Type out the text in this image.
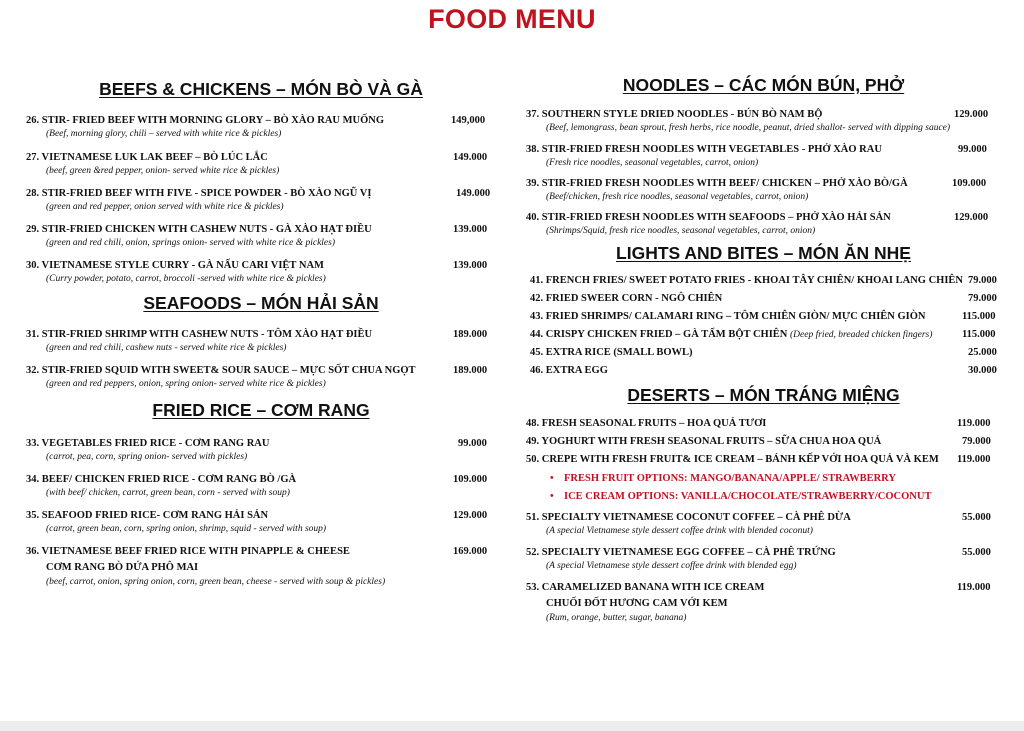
FOOD MENU
BEEFS & CHICKENS – MÓN BÒ VÀ GÀ
26. STIR- FRIED BEEF WITH MORNING GLORY – BÒ XÀO RAU MUỐNG	149,000
(Beef, morning glory, chili – served with white rice & pickles)
27. VIETNAMESE LUK LAK BEEF – BÒ LÚC LẮC	149.000
(beef, green &red pepper, onion- served white rice & pickles)
28. STIR-FRIED BEEF WITH FIVE - SPICE POWDER - BÒ XÀO NGŨ VỊ	149.000
(green and red pepper, onion served with white rice & pickles)
29. STIR-FRIED CHICKEN WITH CASHEW NUTS - GÀ XÀO HẠT ĐIỀU	139.000
(green and red chili, onion, springs onion- served with white rice & pickles)
30. VIETNAMESE STYLE CURRY - GÀ NẤU CARI VIỆT NAM	139.000
(Curry powder, potato, carrot, broccoli -served with white rice & pickles)
SEAFOODS – MÓN HẢI SẢN
31. STIR-FRIED SHRIMP WITH CASHEW NUTS - TÔM XÀO HẠT ĐIỀU	189.000
(green and red chili, cashew nuts - served white rice & pickles)
32. STIR-FRIED SQUID WITH SWEET& SOUR SAUCE – MỰC SỐT CHUA NGỌT	189.000
(green and red peppers, onion, spring onion- served white rice & pickles)
FRIED RICE – CƠM RANG
33. VEGETABLES FRIED RICE - CƠM RANG RAU	99.000
(carrot, pea, corn, spring onion- served with pickles)
34. BEEF/ CHICKEN FRIED RICE - CƠM RANG BÒ /GÀ	109.000
(with beef/ chicken, carrot, green bean, corn - served with soup)
35. SEAFOOD FRIED RICE- CƠM RANG HẢI SẢN	129.000
(carrot, green bean, corn, spring onion, shrimp, squid - served with soup)
36. VIETNAMESE BEEF FRIED RICE WITH PINAPPLE & CHEESE	169.000
CƠM RANG BÒ DỨA PHÔ MAI
(beef, carrot, onion, spring onion, corn, green bean, cheese - served with soup & pickles)
NOODLES – CÁC MÓN BÚN, PHỞ
37. SOUTHERN STYLE DRIED NOODLES - BÚN BÒ NAM BỘ	129.000
(Beef, lemongrass, bean sprout, fresh herbs, rice noodle, peanut, dried shallot- served with dipping sauce)
38. STIR-FRIED FRESH NOODLES WITH VEGETABLES - PHỞ XÀO RAU	99.000
(Fresh rice noodles, seasonal vegetables, carrot, onion)
39. STIR-FRIED FRESH NOODLES WITH BEEF/ CHICKEN – PHỞ XÀO BÒ/GÀ	109.000
(Beef/chicken, fresh rice noodles, seasonal vegetables, carrot, onion)
40. STIR-FRIED FRESH NOODLES WITH SEAFOODS – PHỞ XÀO HẢI SẢN	129.000
(Shrimps/Squid, fresh rice noodles, seasonal vegetables, carrot, onion)
LIGHTS AND BITES – MÓN ĂN NHẸ
41. FRENCH FRIES/ SWEET POTATO FRIES - KHOAI TÂY CHIÊN/ KHOAI LANG CHIÊN 79.000
42. FRIED SWEER CORN - NGÔ CHIÊN	79.000
43. FRIED SHRIMPS/ CALAMARI RING – TÔM CHIÊN GIÒN/ MỰC CHIÊN GIÒN	115.000
44. CRISPY CHICKEN FRIED – GÀ TẨM BỘT CHIÊN (Deep fried, breaded chicken fingers)	115.000
45. EXTRA RICE (SMALL BOWL)	25.000
46. EXTRA EGG	30.000
DESERTS – MÓN TRÁNG MIỆNG
48. FRESH SEASONAL FRUITS – HOA QUẢ TƯƠI	119.000
49. YOGHURT WITH FRESH SEASONAL FRUITS – SỮA CHUA HOA QUẢ	79.000
50. CREPE WITH FRESH FRUIT& ICE CREAM – BÁNH KẾP VỚI HOA QUẢ VÀ KEM	119.000
• FRESH FRUIT OPTIONS: MANGO/BANANA/APPLE/ STRAWBERRY
• ICE CREAM OPTIONS: VANILLA/CHOCOLATE/STRAWBERRY/COCONUT
51. SPECIALTY VIETNAMESE COCONUT COFFEE – CÀ PHÊ DỪA	55.000
(A special Vietnamese style dessert coffee drink with blended coconut)
52. SPECIALTY VIETNAMESE EGG COFFEE – CÀ PHÊ TRỨNG	55.000
(A special Vietnamese style dessert coffee drink with blended egg)
53. CARAMELIZED BANANA WITH ICE CREAM	119.000
CHUỐI ĐỐT HƯƠNG CAM VỚI KEM
(Rum, orange, butter, sugar, banana)
